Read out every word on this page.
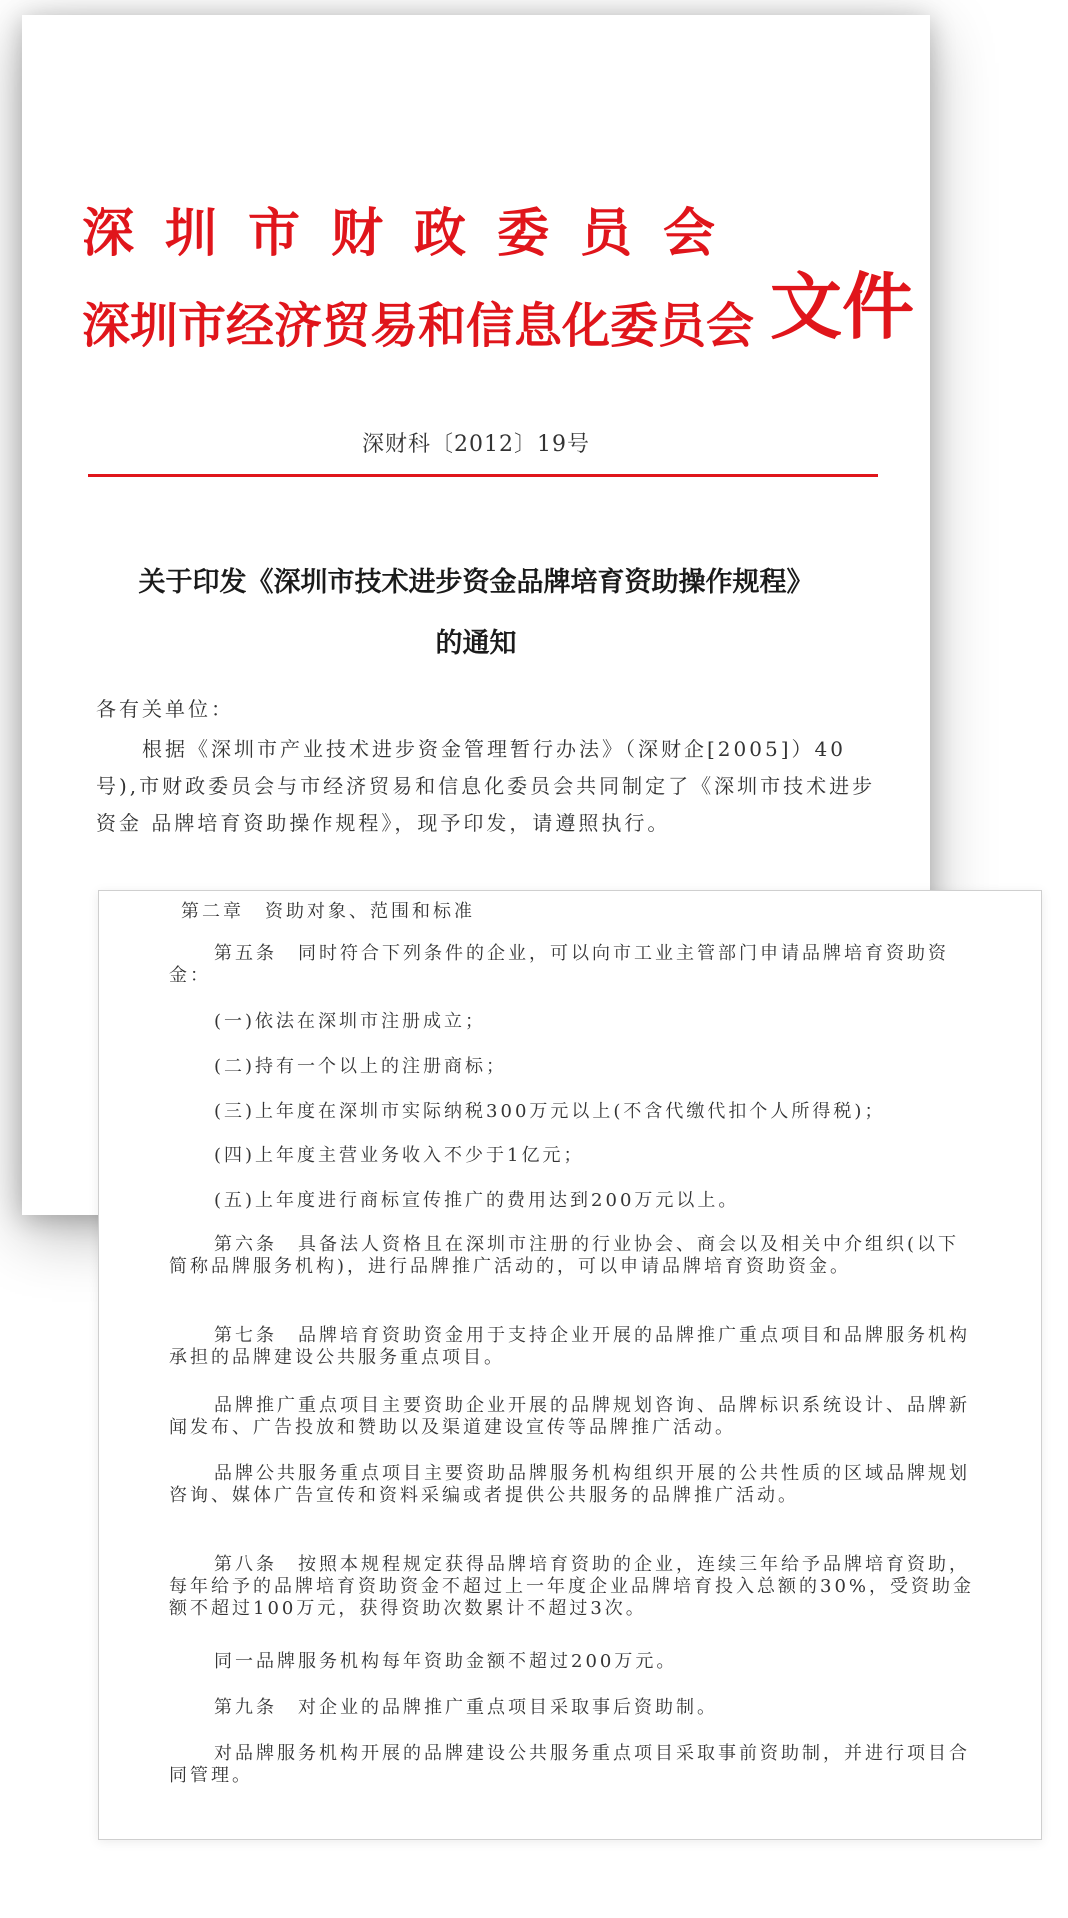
深圳市财政委员会
深圳市经济贸易和信息化委员会 文件
深财科〔2012〕19号
关于印发《深圳市技术进步资金品牌培育资助操作规程》
的通知
各有关单位：
根据《深圳市产业技术进步资金管理暂行办法》（深财企[2005]）40号),市财政委员会与市经济贸易和信息化委员会共同制定了《深圳市技术进步资金 品牌培育资助操作规程》，现予印发，请遵照执行。
第二章　资助对象、范围和标准
第五条　同时符合下列条件的企业，可以向市工业主管部门申请品牌培育资助资金：
(一)依法在深圳市注册成立；
(二)持有一个以上的注册商标；
(三)上年度在深圳市实际纳税300万元以上(不含代缴代扣个人所得税)；
(四)上年度主营业务收入不少于1亿元；
(五)上年度进行商标宣传推广的费用达到200万元以上。
第六条　具备法人资格且在深圳市注册的行业协会、商会以及相关中介组织(以下简称品牌服务机构)，进行品牌推广活动的，可以申请品牌培育资助资金。
第七条　品牌培育资助资金用于支持企业开展的品牌推广重点项目和品牌服务机构承担的品牌建设公共服务重点项目。
品牌推广重点项目主要资助企业开展的品牌规划咨询、品牌标识系统设计、品牌新闻发布、广告投放和赞助以及渠道建设宣传等品牌推广活动。
品牌公共服务重点项目主要资助品牌服务机构组织开展的公共性质的区域品牌规划咨询、媒体广告宣传和资料采编或者提供公共服务的品牌推广活动。
第八条　按照本规程规定获得品牌培育资助的企业，连续三年给予品牌培育资助，每年给予的品牌培育资助资金不超过上一年度企业品牌培育投入总额的30%，受资助金额不超过100万元，获得资助次数累计不超过3次。
同一品牌服务机构每年资助金额不超过200万元。
第九条　对企业的品牌推广重点项目采取事后资助制。
对品牌服务机构开展的品牌建设公共服务重点项目采取事前资助制，并进行项目合同管理。
